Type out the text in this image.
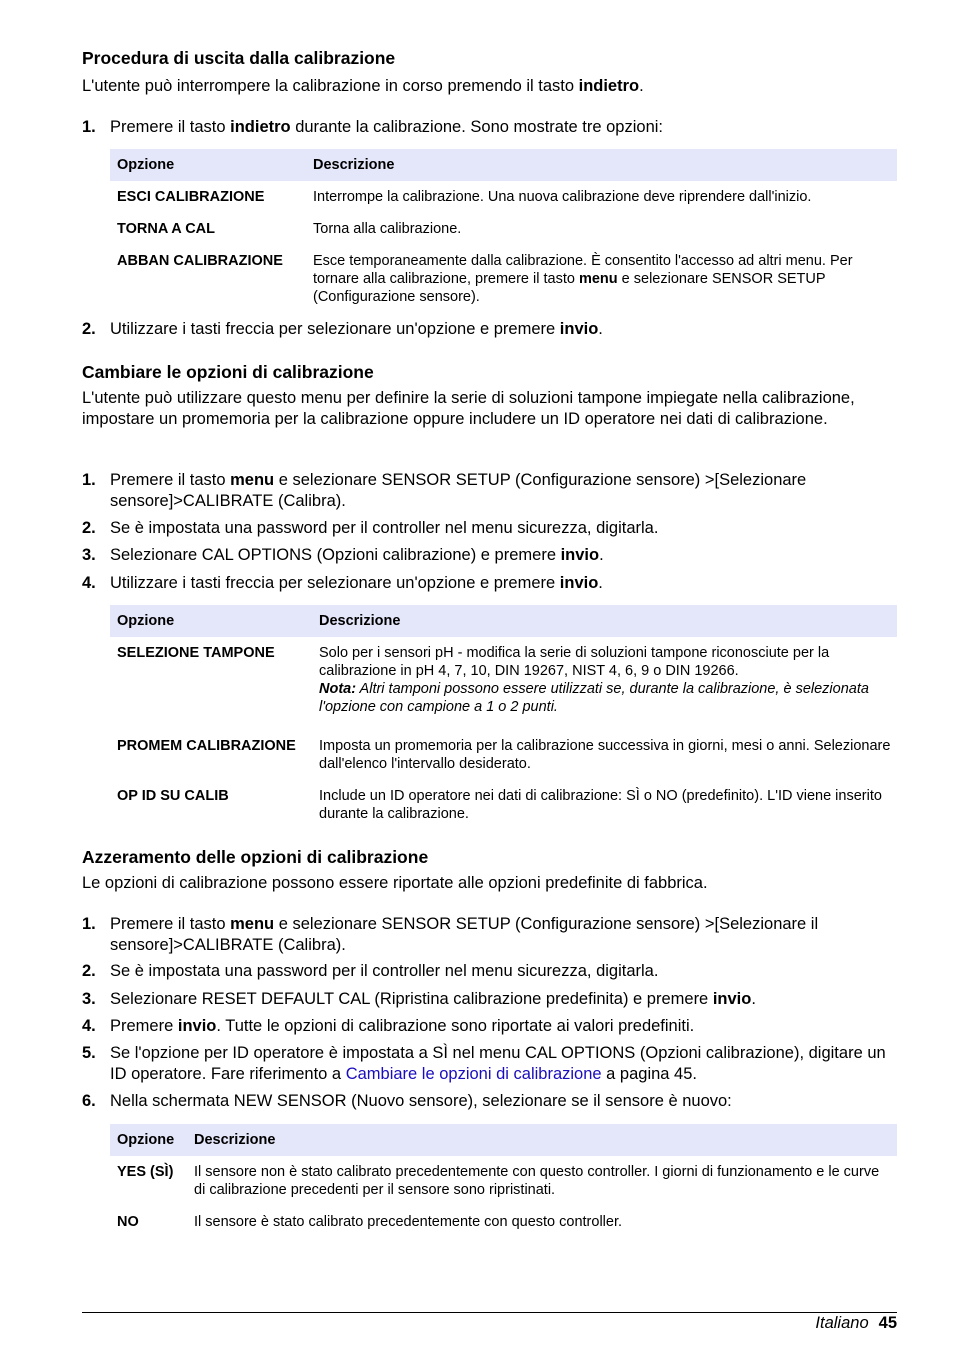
Procedura di uscita dalla calibrazione

L'utente può interrompere la calibrazione in corso premendo il tasto indietro.

1. Premere il tasto indietro durante la calibrazione. Sono mostrate tre opzioni:
Opzione	Descrizione
ESCI CALIBRAZIONE	Interrompe la calibrazione. Una nuova calibrazione deve riprendere dall'inizio.
TORNA A CAL	Torna alla calibrazione.
ABBAN CALIBRAZIONE	Esce temporaneamente dalla calibrazione. È consentito l'accesso ad altri menu. Per tornare alla calibrazione, premere il tasto menu e selezionare SENSOR SETUP (Configurazione sensore).
2. Utilizzare i tasti freccia per selezionare un'opzione e premere invio.
Cambiare le opzioni di calibrazione

L'utente può utilizzare questo menu per definire la serie di soluzioni tampone impiegate nella calibrazione, impostare un promemoria per la calibrazione oppure includere un ID operatore nei dati di calibrazione.

1. Premere il tasto menu e selezionare SENSOR SETUP (Configurazione sensore) >[Selezionare sensore]>CALIBRATE (Calibra).
2. Se è impostata una password per il controller nel menu sicurezza, digitarla.
3. Selezionare CAL OPTIONS (Opzioni calibrazione) e premere invio.
4. Utilizzare i tasti freccia per selezionare un'opzione e premere invio.
Opzione	Descrizione
SELEZIONE TAMPONE	Solo per i sensori pH - modifica la serie di soluzioni tampone riconosciute per la calibrazione in pH 4, 7, 10, DIN 19267, NIST 4, 6, 9 o DIN 19266.
Nota: Altri tamponi possono essere utilizzati se, durante la calibrazione, è selezionata l'opzione con campione a 1 o 2 punti.
PROMEM CALIBRAZIONE	Imposta un promemoria per la calibrazione successiva in giorni, mesi o anni. Selezionare dall'elenco l'intervallo desiderato.
OP ID SU CALIB	Include un ID operatore nei dati di calibrazione: SÌ o NO (predefinito). L'ID viene inserito durante la calibrazione.
Azzeramento delle opzioni di calibrazione

Le opzioni di calibrazione possono essere riportate alle opzioni predefinite di fabbrica.

1. Premere il tasto menu e selezionare SENSOR SETUP (Configurazione sensore) >[Selezionare il sensore]>CALIBRATE (Calibra).
2. Se è impostata una password per il controller nel menu sicurezza, digitarla.
3. Selezionare RESET DEFAULT CAL (Ripristina calibrazione predefinita) e premere invio.
4. Premere invio. Tutte le opzioni di calibrazione sono riportate ai valori predefiniti.
5. Se l'opzione per ID operatore è impostata a SÌ nel menu CAL OPTIONS (Opzioni calibrazione), digitare un ID operatore. Fare riferimento a Cambiare le opzioni di calibrazione a pagina 45.
6. Nella schermata NEW SENSOR (Nuovo sensore), selezionare se il sensore è nuovo:
Opzione	Descrizione
YES (SÌ)	Il sensore non è stato calibrato precedentemente con questo controller. I giorni di funzionamento e le curve di calibrazione precedenti per il sensore sono ripristinati.
NO	Il sensore è stato calibrato precedentemente con questo controller.
Italiano 45
